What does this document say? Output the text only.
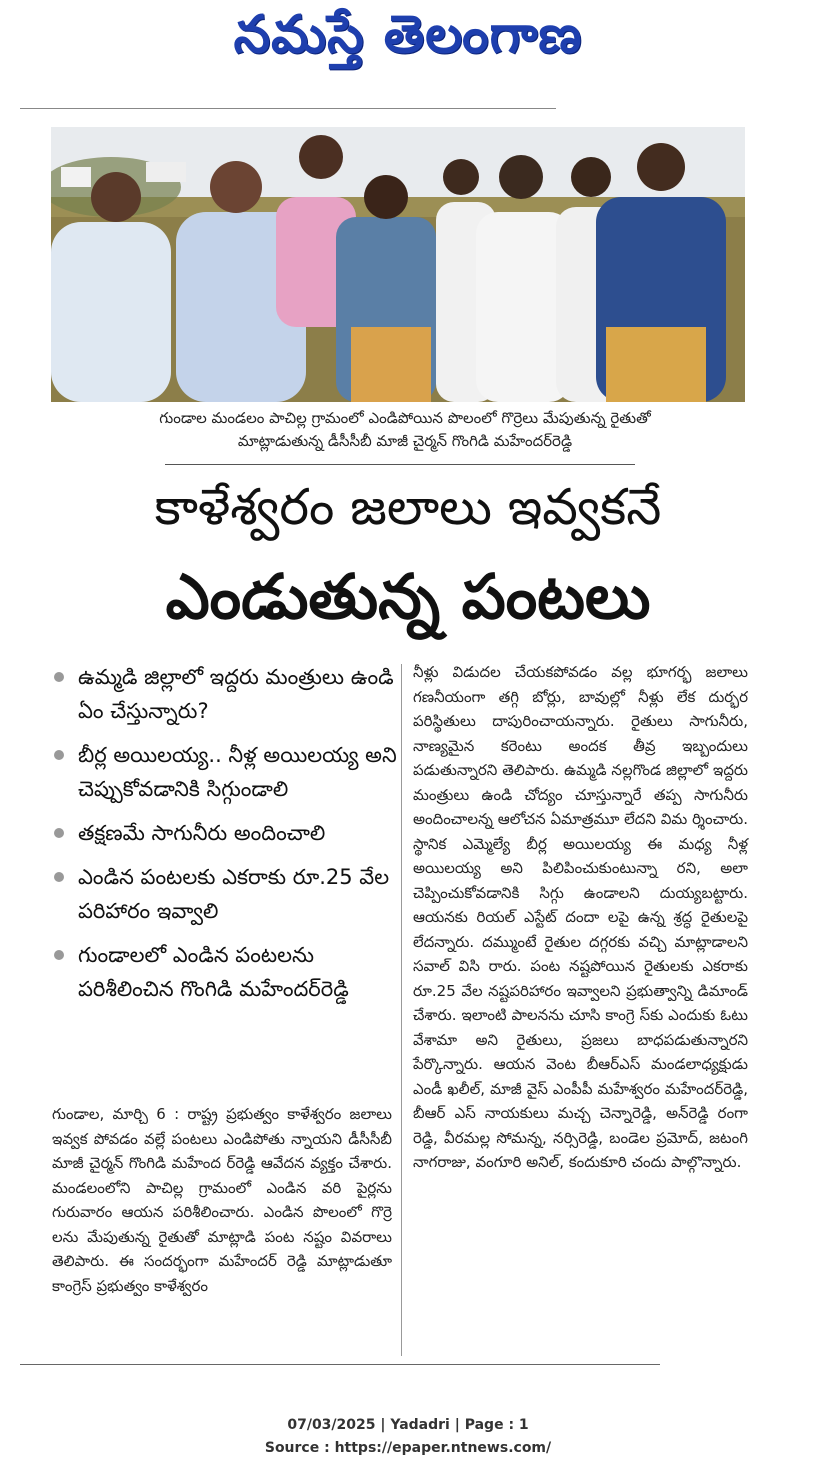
నమస్తే తెలంగాణ
గుండాల మండలం పాచిల్ల గ్రామంలో ఎండిపోయిన పొలంలో గొర్రెలు మేపుతున్న రైతుతో
మాట్లాడుతున్న డీసీసీబీ మాజీ చైర్మన్ గొంగిడి మహేందర్‌రెడ్డి
కాళేశ్వరం జలాలు ఇవ్వకనే
ఎండుతున్న పంటలు
ఉమ్మడి జిల్లాలో ఇద్దరు మంత్రులు ఉండి ఏం చేస్తున్నారు?
బీర్ల అయిలయ్య.. నీళ్ల అయిలయ్య అని చెప్పుకోవడానికి సిగ్గుండాలి
తక్షణమే సాగునీరు అందించాలి
ఎండిన పంటలకు ఎకరాకు రూ.25 వేల పరిహారం ఇవ్వాలి
గుండాలలో ఎండిన పంటలను పరిశీలించిన గొంగిడి మహేందర్‌రెడ్డి
గుండాల, మార్చి 6 : రాష్ట్ర ప్రభుత్వం కాళేశ్వరం జలాలు ఇవ్వక పోవడం వల్లే పంటలు ఎండిపోతు న్నాయని డీసీసీబీ మాజీ చైర్మన్ గొంగిడి మహేంద ర్‌రెడ్డి ఆవేదన వ్యక్తం చేశారు. మండలంలోని పాచిల్ల గ్రామంలో ఎండిన వరి పైర్లను గురువారం ఆయన పరిశీలించారు. ఎండిన పొలంలో గొర్రె లను మేపుతున్న రైతుతో మాట్లాడి పంట నష్టం వివరాలు తెలిపారు. ఈ సందర్భంగా మహేందర్ రెడ్డి మాట్లాడుతూ కాంగ్రెస్ ప్రభుత్వం కాళేశ్వరం
నీళ్లు విడుదల చేయకపోవడం వల్ల భూగర్భ జలాలు గణనీయంగా తగ్గి బోర్లు, బావుల్లో నీళ్లు లేక దుర్భర పరిస్థితులు దాపురించాయన్నారు. రైతులు సాగునీరు, నాణ్యమైన కరెంటు అందక తీవ్ర ఇబ్బందులు పడుతున్నారని తెలిపారు. ఉమ్మడి నల్లగొండ జిల్లాలో ఇద్దరు మంత్రులు ఉండి చోద్యం చూస్తున్నారే తప్ప సాగునీరు అందించాలన్న ఆలోచన ఏమాత్రమూ లేదని విమ ర్శించారు. స్థానిక ఎమ్మెల్యే బీర్ల అయిలయ్య ఈ మధ్య నీళ్ల అయిలయ్య అని పిలిపించుకుంటున్నా రని, అలా చెప్పించుకోవడానికి సిగ్గు ఉండాలని దుయ్యబట్టారు. ఆయనకు రియల్ ఎస్టేట్ దందా లపై ఉన్న శ్రద్ధ రైతులపై లేదన్నారు. దమ్ముంటే రైతుల దగ్గరకు వచ్చి మాట్లాడాలని సవాల్ విసి రారు. పంట నష్టపోయిన రైతులకు ఎకరాకు రూ.25 వేల నష్టపరిహారం ఇవ్వాలని ప్రభుత్వాన్ని డిమాండ్ చేశారు. ఇలాంటి పాలనను చూసి కాంగ్రె స్‌కు ఎందుకు ఓటు వేశామా అని రైతులు, ప్రజలు బాధపడుతున్నారని పేర్కొన్నారు. ఆయన వెంట బీఆర్‌ఎస్ మండలాధ్యక్షుడు ఎండీ ఖలీల్, మాజీ వైస్ ఎంపీపీ మహేశ్వరం మహేందర్‌రెడ్డి, బీఆర్ ఎస్ నాయకులు మచ్చ చెన్నారెడ్డి, అన్‌రెడ్డి రంగా రెడ్డి, వీరమల్ల సోమన్న, నర్సిరెడ్డి, బండెల ప్రమోద్, జటంగి నాగరాజు, వంగూరి అనిల్, కందుకూరి చందు పాల్గొన్నారు.
07/03/2025 | Yadadri | Page : 1
Source : https://epaper.ntnews.com/
